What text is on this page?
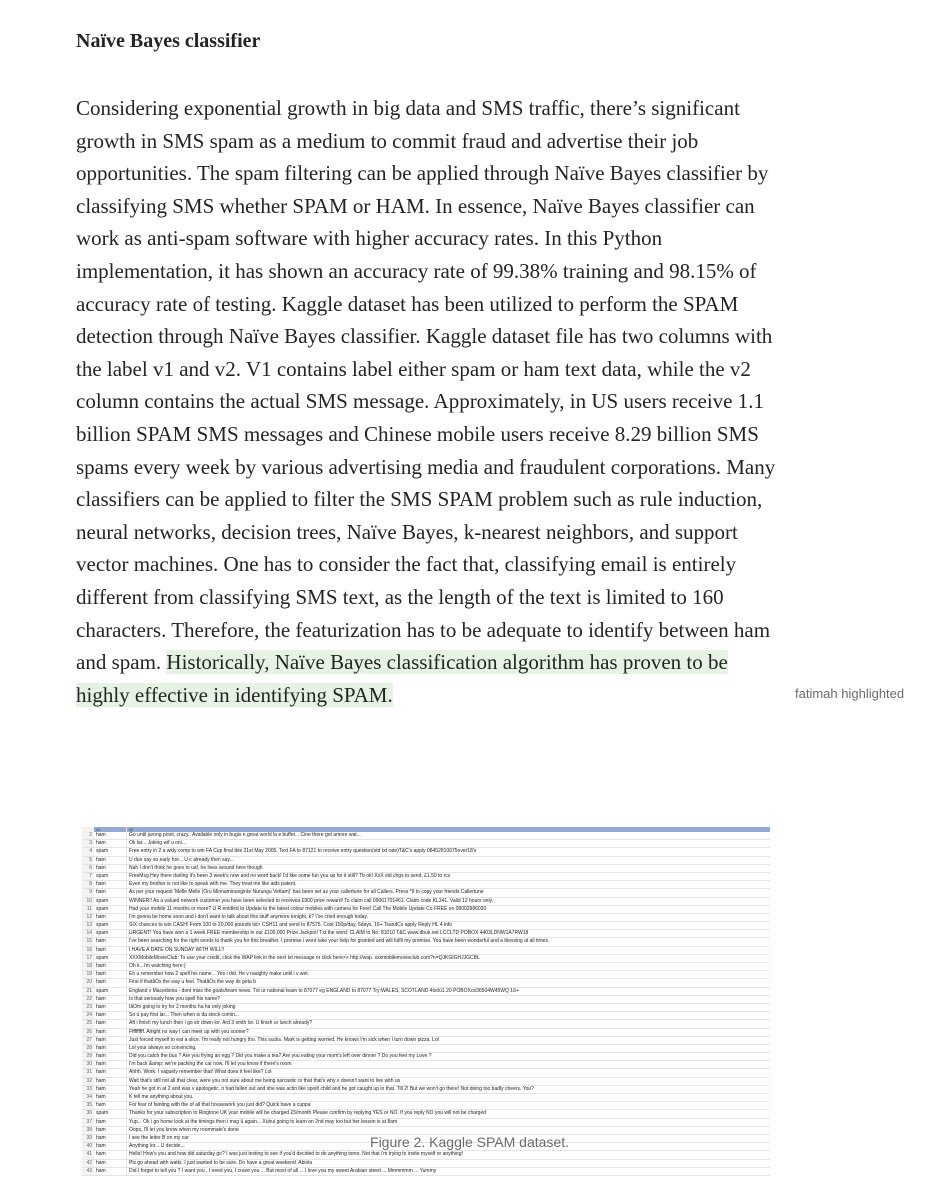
Naïve Bayes classifier

Considering exponential growth in big data and SMS traffic, there’s significant growth in SMS spam as a medium to commit fraud and advertise their job opportunities. The spam filtering can be applied through Naïve Bayes classifier by classifying SMS whether SPAM or HAM. In essence, Naïve Bayes classifier can work as anti-spam software with higher accuracy rates. In this Python implementation, it has shown an accuracy rate of 99.38% training and 98.15% of accuracy rate of testing. Kaggle dataset has been utilized to perform the SPAM detection through Naïve Bayes classifier. Kaggle dataset file has two columns with the label v1 and v2. V1 contains label either spam or ham text data, while the v2 column contains the actual SMS message. Approximately, in US users receive 1.1 billion SPAM SMS messages and Chinese mobile users receive 8.29 billion SMS spams every week by various advertising media and fraudulent corporations. Many classifiers can be applied to filter the SMS SPAM problem such as rule induction, neural networks, decision trees, Naïve Bayes, k-nearest neighbors, and support vector machines. One has to consider the fact that, classifying email is entirely different from classifying SMS text, as the length of the text is limited to 160 characters. Therefore, the featurization has to be adequate to identify between ham and spam. Historically, Naïve Bayes classification algorithm has proven to be highly effective in identifying SPAM.	fatimah highlighted
v1	v2
2 ham	Go until jurong point, crazy.. Available only in bugis n great world la e buffet... Cine there got amore wat...
3 ham	Ok lar... Joking wif u oni...
4 spam	Free entry in 2 a wkly comp to win FA Cup final tkts 21st May 2005. Text FA to 87121 to receive entry question(std txt rate)T&C's apply 08452810075over18's
5 ham	U dun say so early hor... U c already then say...
6 ham	Nah I don't think he goes to usf, he lives around here though
7 spam	FreeMsg Hey there darling it's been 3 week's now and no word back! I'd like some fun you up for it still? Tb ok! XxX std chgs to send, £1.50 to rcv
8 ham	Even my brother is not like to speak with me. They treat me like aids patent.
9 ham	As per your request 'Melle Melle (Oru Minnaminunginte Nurungu Vettam)' has been set as your callertune for all Callers. Press *9 to copy your friends Callertune
10 spam	WINNER!! As a valued network customer you have been selected to receivea £900 prize reward! To claim call 09061701461. Claim code KL341. Valid 12 hours only.
11 spam	Had your mobile 11 months or more? U R entitled to Update to the latest colour mobiles with camera for Free! Call The Mobile Update Co FREE on 08002986030
12 ham	I'm gonna be home soon and i don't want to talk about this stuff anymore tonight, k? I've cried enough today.
13 spam	SIX chances to win CASH! From 100 to 20,000 pounds txt> CSH11 and send to 87575. Cost 150p/day, 6days, 16+ TsandCs apply Reply HL 4 info
14 spam	URGENT! You have won a 1 week FREE membership in our £100,000 Prize Jackpot! Txt the word: CLAIM to No: 81010 T&C www.dbuk.net LCCLTD POBOX 4403LDNW1A7RW18
15 ham	I've been searching for the right words to thank you for this breather. I promise i wont take your help for granted and will fulfil my promise. You have been wonderful and a blessing at all times.
16 ham	I HAVE A DATE ON SUNDAY WITH WILL!!
17 spam	XXXMobileMovieClub: To use your credit, click the WAP link in the next txt message or click here>> http://wap. xxxmobilemovieclub.com?n=QJKGIGHJJGCBL
18 ham	Oh k...i'm watching here:)
19 ham	Eh u remember how 2 spell his name... Yes i did. He v naughty make until i v wet.
20 ham	Fine if thatåÕs the way u feel. ThatåÕs the way its gota b
21 spam	England v Macedonia - dont miss the goals/team news. Txt ur national team to 87077 eg ENGLAND to 87077 Try:WALES, SCOTLAND 4txt/ú1.20 POBOXox36504W45WQ 16+
22 ham	Is that seriously how you spell his name?
23 ham	IåÕm going to try for 2 months ha ha only joking
24 ham	So ü pay first lar... Then when is da stock comin...
25 ham	Aft i finish my lunch then i go str down lor. Ard 3 smth lor. U finish ur lunch already?
26 ham	Ffffffffff. Alright no way I can meet up with you sooner?
27 ham	Just forced myself to eat a slice. I'm really not hungry tho. This sucks. Mark is getting worried. He knows I'm sick when I turn down pizza. Lol
28 ham	Lol your always so convincing.
29 ham	Did you catch the bus ? Are you frying an egg ? Did you make a tea? Are you eating your mom's left over dinner ? Do you feel my Love ?
30 ham	I'm back &amp; we're packing the car now, I'll let you know if there's room
31 ham	Ahhh. Work. I vaguely remember that! What does it feel like? Lol
32 ham	Wait that's still not all that clear, were you not sure about me being sarcastic or that that's why x doesn't want to live with us
33 ham	Yeah he got in at 2 and was v apologetic. n had fallen out and she was actin like spoilt child and he got caught up in that. Till 2! But we won't go there! Not doing too badly cheers. You?
34 ham	K tell me anything about you.
35 ham	For fear of fainting with the of all that housework you just did? Quick have a cuppa
36 spam	Thanks for your subscription to Ringtone UK your mobile will be charged £5/month Please confirm by replying YES or NO. If you reply NO you will not be charged
37 ham	Yup... Ok i go home look at the timings then i msg ü again... Xuhui going to learn on 2nd may too but her lesson is at 8am
38 ham	Oops, I'll let you know when my roommate's done
39 ham	I see the letter B on my car
40 ham	Anything lor... U decide...
41 ham	Hello! How's you and how did saturday go? I was just texting to see if you'd decided to do anything tomo. Not that i'm trying to invite myself or anything!
42 ham	Pls go ahead with watts. I just wanted to be sure. Do have a great weekend. Abiola
43 ham	Did I forget to tell you ? I want you , I need you, I crave you ... But most of all ... I love you my sweet Arabian steed ... Mmmmmm ... Yummy
Figure 2. Kaggle SPAM dataset.
